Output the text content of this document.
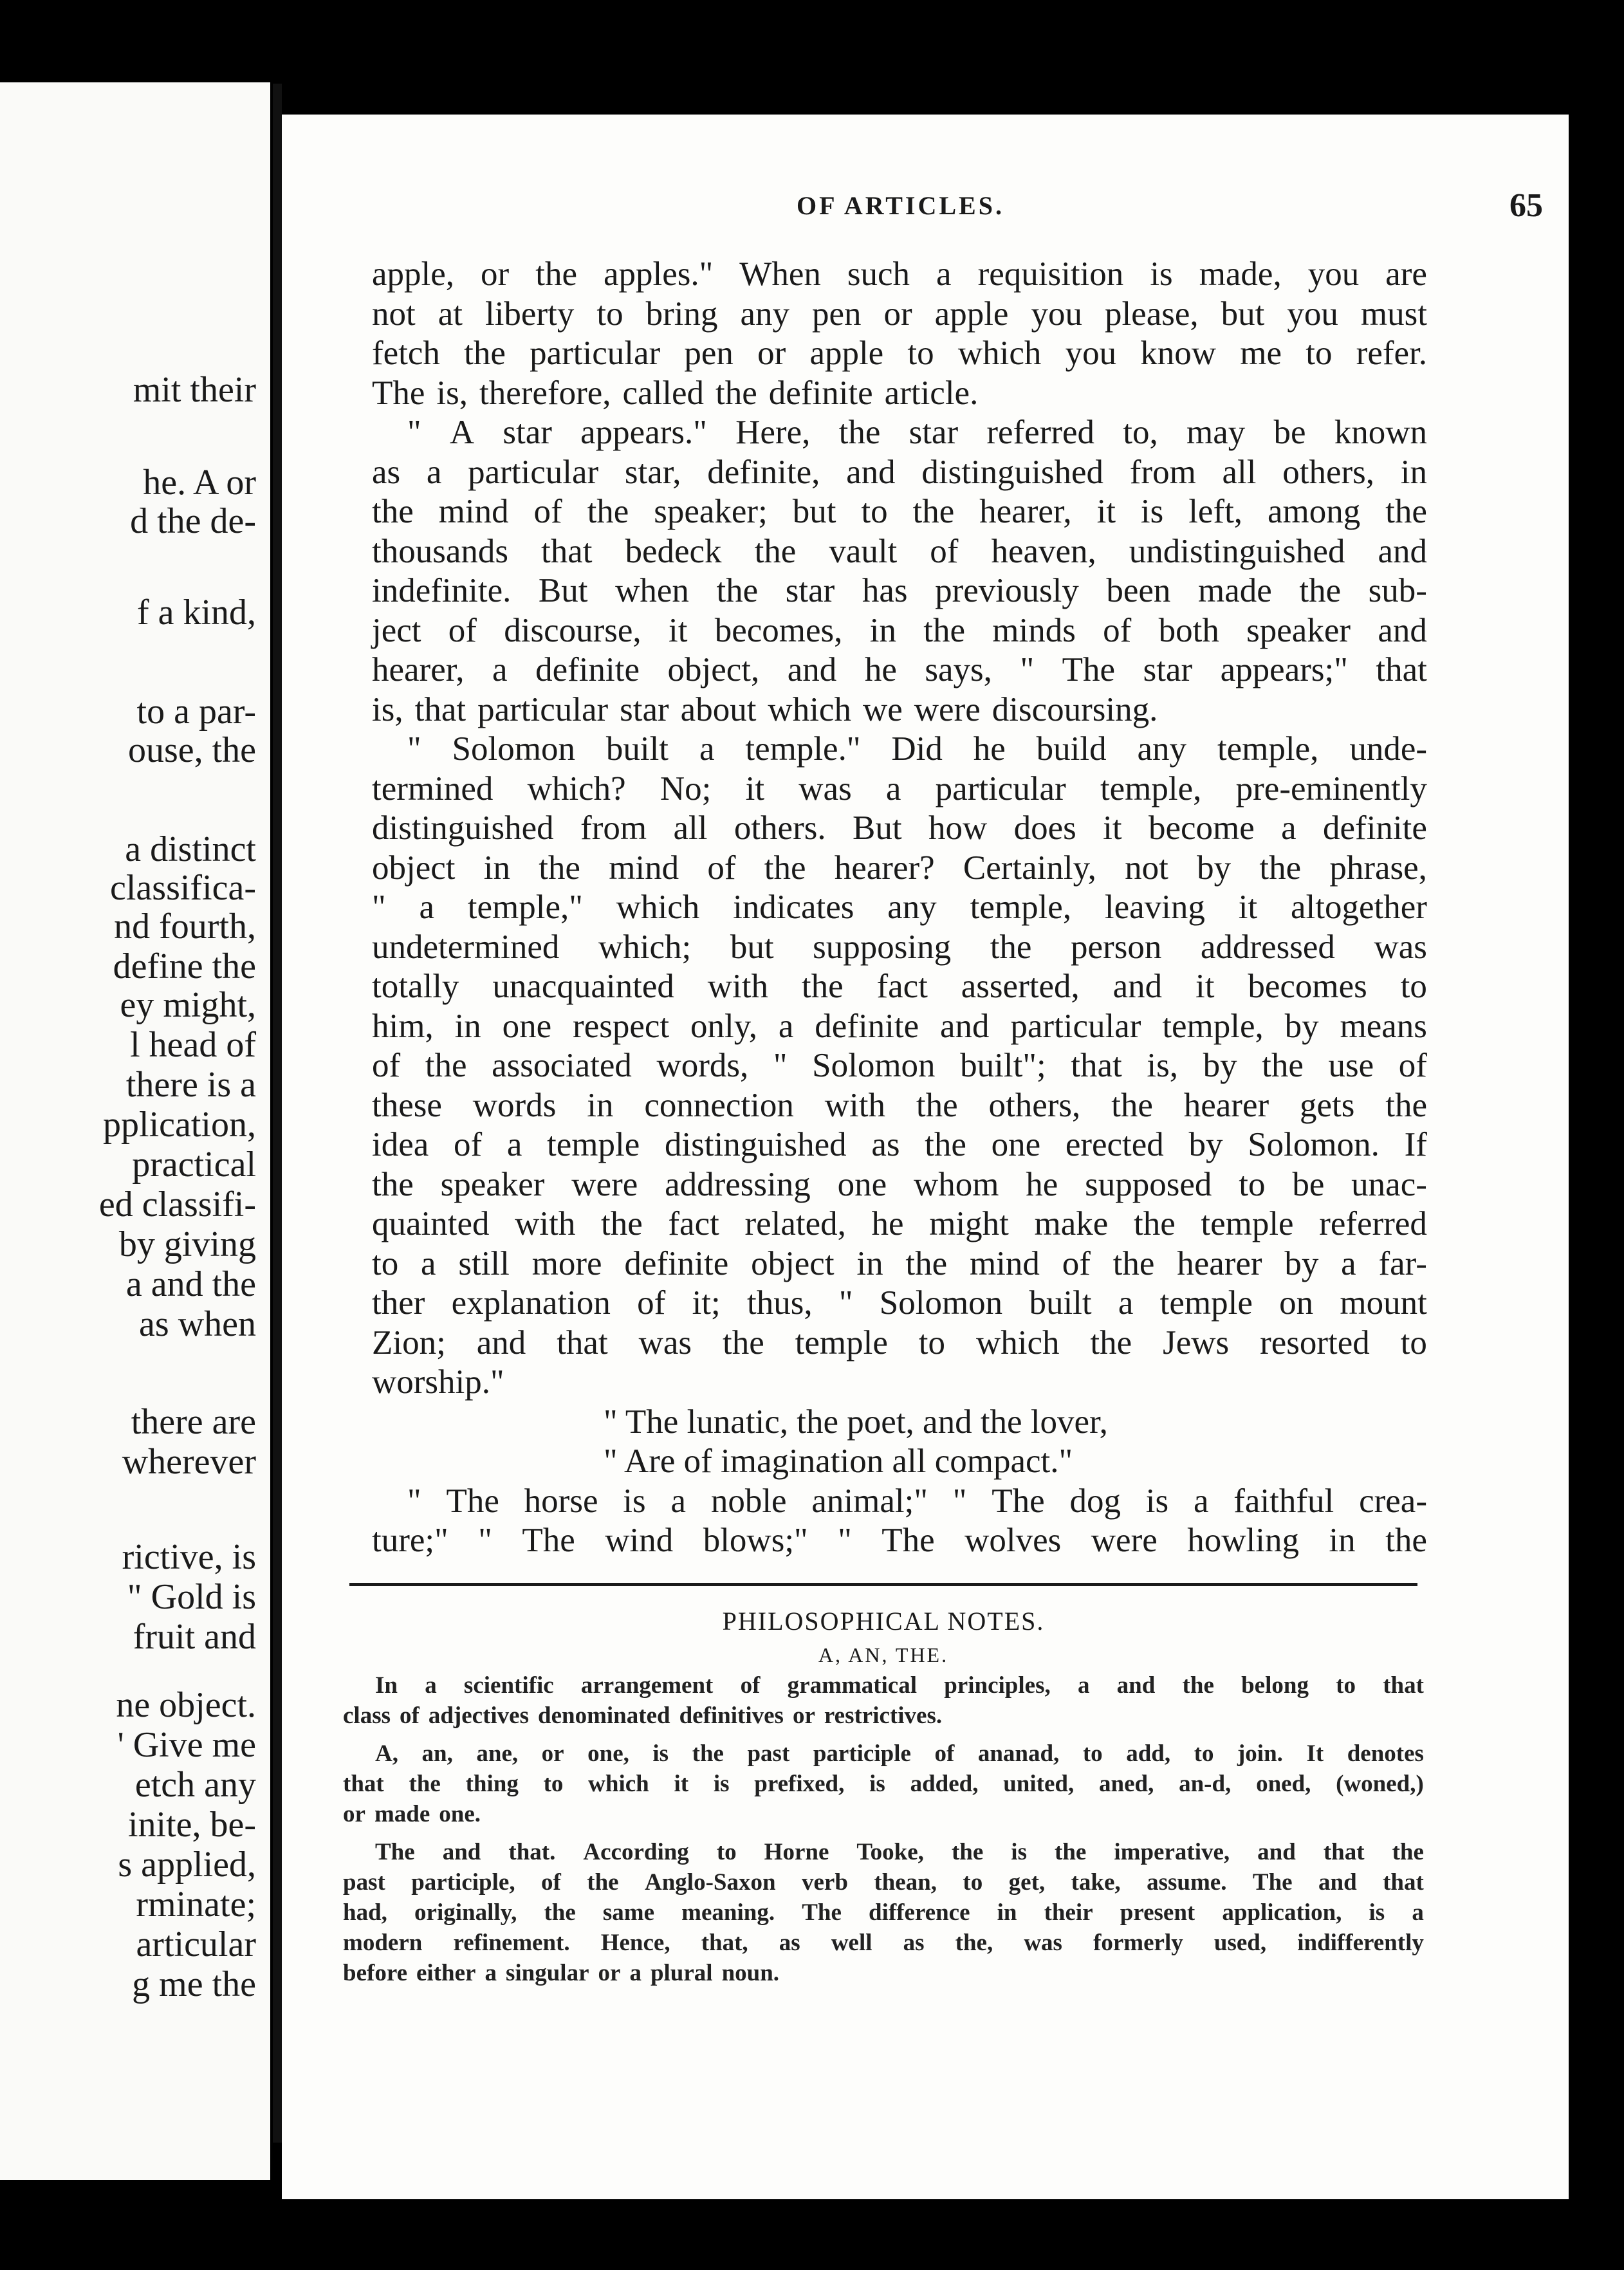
mit their
he. A or
d the de-
f a kind,
to a par-
ouse, the
a distinct
classifica-
nd fourth,
define the
ey might,
l head of
there is a
pplication,
practical
ed classifi-
by giving
a and the
as when
there are
wherever
rictive, is
" Gold is
fruit and
ne object.
' Give me
etch any
inite, be-
s applied,
rminate;
articular
g me the
OF ARTICLES.	65
apple, or the apples." When such a requisition is made, you are
not at liberty to bring any pen or apple you please, but you must
fetch the particular pen or apple to which you know me to refer.
The is, therefore, called the definite article.
" A star appears." Here, the star referred to, may be known
as a particular star, definite, and distinguished from all others, in
the mind of the speaker; but to the hearer, it is left, among the
thousands that bedeck the vault of heaven, undistinguished and
indefinite. But when the star has previously been made the sub-
ject of discourse, it becomes, in the minds of both speaker and
hearer, a definite object, and he says, " The star appears;" that
is, that particular star about which we were discoursing.
" Solomon built a temple." Did he build any temple, unde-
termined which? No; it was a particular temple, pre-eminently
distinguished from all others. But how does it become a definite
object in the mind of the hearer? Certainly, not by the phrase,
" a temple," which indicates any temple, leaving it altogether
undetermined which; but supposing the person addressed was
totally unacquainted with the fact asserted, and it becomes to
him, in one respect only, a definite and particular temple, by means
of the associated words, " Solomon built"; that is, by the use of
these words in connection with the others, the hearer gets the
idea of a temple distinguished as the one erected by Solomon. If
the speaker were addressing one whom he supposed to be unac-
quainted with the fact related, he might make the temple referred
to a still more definite object in the mind of the hearer by a far-
ther explanation of it; thus, " Solomon built a temple on mount
Zion; and that was the temple to which the Jews resorted to
worship."
" The lunatic, the poet, and the lover,
" Are of imagination all compact."
" The horse is a noble animal;" " The dog is a faithful crea-
ture;" " The wind blows;" " The wolves were howling in the
PHILOSOPHICAL NOTES.
A, AN, THE.
In a scientific arrangement of grammatical principles, a and the belong to that
class of adjectives denominated definitives or restrictives.
A, an, ane, or one, is the past participle of ananad, to add, to join. It denotes
that the thing to which it is prefixed, is added, united, aned, an-d, oned, (woned,)
or made one.
The and that. According to Horne Tooke, the is the imperative, and that the
past participle, of the Anglo-Saxon verb thean, to get, take, assume. The and that
had, originally, the same meaning. The difference in their present application, is a
modern refinement. Hence, that, as well as the, was formerly used, indifferently
before either a singular or a plural noun.
